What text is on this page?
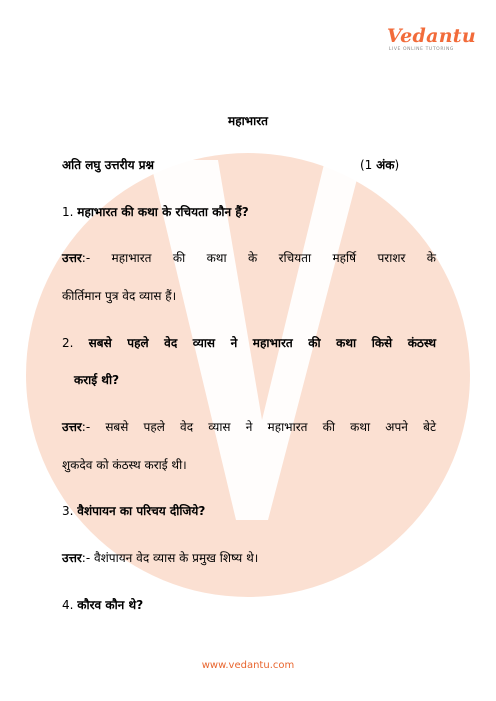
Vedantu
LIVE ONLINE TUTORING
महाभारत
अति लघु उत्तरीय प्रश्न	(1 अंक)
1. महाभारत की कथा के रचियता कौन हैं?
उत्तर:- महाभारत की कथा के रचियता महर्षि पराशर के
कीर्तिमान पुत्र वेद व्यास हैं।
2. सबसे पहले वेद व्यास ने महाभारत की कथा किसे कंठस्थ
कराई थी?
उत्तर:- सबसे पहले वेद व्यास ने महाभारत की कथा अपने बेटे
शुकदेव को कंठस्थ कराई थी।
3. वैशंपायन का परिचय दीजिये?
उत्तर:- वैशंपायन वेद व्यास के प्रमुख शिष्य थे।
4. कौरव कौन थे?
www.vedantu.com
